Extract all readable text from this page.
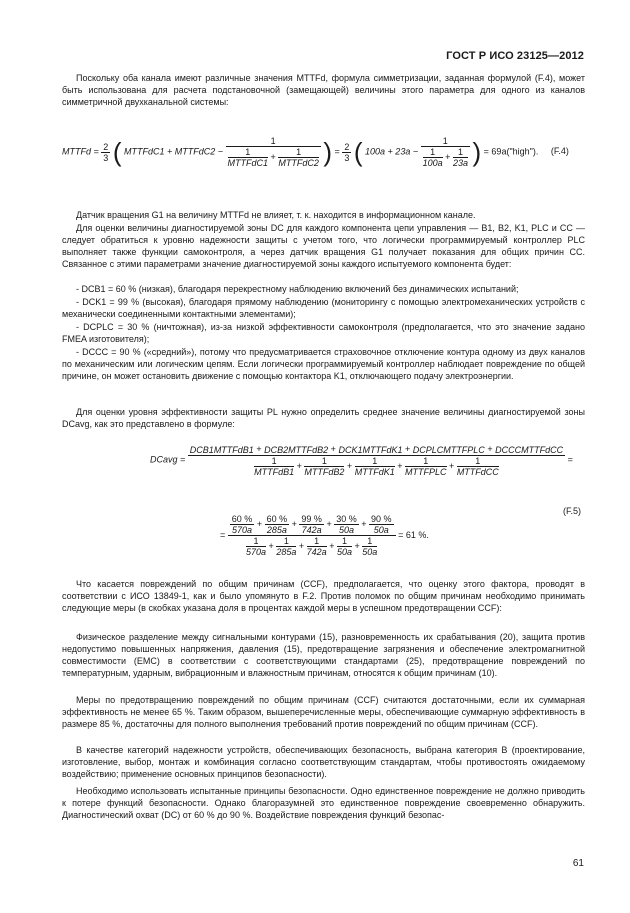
ГОСТ Р ИСО 23125—2012
Поскольку оба канала имеют различные значения MTTFd, формула симметризации, заданная формулой (F.4), может быть использована для расчета подстановочной (замещающей) величины этого параметра для одного из каналов симметричной двухканальной системы:
MTTFd = $\frac{2}{3}$ ( MTTFdC1 + MTTFdC2 −
1
1
MTTFdC1 +	1
MTTFdC2 ) = $\frac{2}{3}$ ( $100a + 23a - \frac{1}{\frac{1}{100a} + \frac{1}{23a}}$ ) = 69a("high"). (F.4)
Датчик вращения G1 на величину MTTFd не влияет, т. к. находится в информационном канале.
Для оценки величины диагностируемой зоны DC для каждого компонента цепи управления — B1, B2, K1, PLC и CC — следует обратиться к уровню надежности защиты с учетом того, что логически программируемый контроллер PLC выполняет также функции самоконтроля, а через датчик вращения G1 получает показания для общих причин CC. Связанное с этими параметрами значение диагностируемой зоны каждого испытуемого компонента будет:
- DCB1 = 60 % (низкая), благодаря перекрестному наблюдению включений без динамических испытаний;
- DCK1 = 99 % (высокая), благодаря прямому наблюдению (мониторингу с помощью электромеханических устройств с механически соединенными контактными элементами);
- DCPLC = 30 % (ничтожная), из-за низкой эффективности самоконтроля (предполагается, что это значение задано FMEA изготовителя);
- DCCC = 90 % («средний»), потому что предусматривается страховочное отключение контура одному из двух каналов по механическим или логическим цепям. Если логически программируемый контроллер наблюдает повреждение по общей причине, он может остановить движение с помощью контактора K1, отключающего подачу электроэнергии.
Для оценки уровня эффективности защиты PL нужно определить среднее значение величины диагностируемой зоны DCavg, как это представлено в формуле:
DCavg =
DCB1MTTFdB1 + DCB2MTTFdB2 + DCK1MTTFdK1 + DCPLCMTTFPLC + DCCCMTTFdCC
1
MTTFdB1 +	1
MTTFdB2 +	1
MTTFdK1 +	1
MTTFPLC +	1
MTTFdCC
=
(F.5)
= $\frac{60 \%}{570a} + \frac{60 \%}{285a} + \frac{99 \%}{742a} + \frac{30 \%}{50a} + \frac{90 \%}{50a}$
$\frac{1}{570a} + \frac{1}{285a} + \frac{1}{742a} + \frac{1}{50a} + \frac{1}{50a}$
= 61 %.
Что касается повреждений по общим причинам (CCF), предполагается, что оценку этого фактора, проводят в соответствии с ИСО 13849-1, как и было упомянуто в F.2. Против поломок по общим причинам необходимо принимать следующие меры (в скобках указана доля в процентах каждой меры в успешном предотвращении CCF):
Физическое разделение между сигнальными контурами (15), разновременность их срабатывания (20), защита против недопустимо повышенных напряжения, давления (15), предотвращение загрязнения и обеспечение электромагнитной совместимости (ЕМС) в соответствии с соответствующими стандартами (25), предотвращение повреждений по температурным, ударным, вибрационным и влажностным причинам, относятся к общим причинам (10).
Меры по предотвращению повреждений по общим причинам (CCF) считаются достаточными, если их суммарная эффективность не менее 65 %. Таким образом, вышеперечисленные меры, обеспечивающие суммарную эффективность в размере 85 %, достаточны для полного выполнения требований против повреждений по общим причинам (CCF).
В качестве категорий надежности устройств, обеспечивающих безопасность, выбрана категория В (проектирование, изготовление, выбор, монтаж и комбинация согласно соответствующим стандартам, чтобы противостоять ожидаемому воздействию; применение основных принципов безопасности).
Необходимо использовать испытанные принципы безопасности. Одно единственное повреждение не должно приводить к потере функций безопасности. Однако благоразумней это единственное повреждение своевременно обнаружить. Диагностический охват (DC) от 60 % до 90 %. Воздействие повреждения функций безопас-
61
